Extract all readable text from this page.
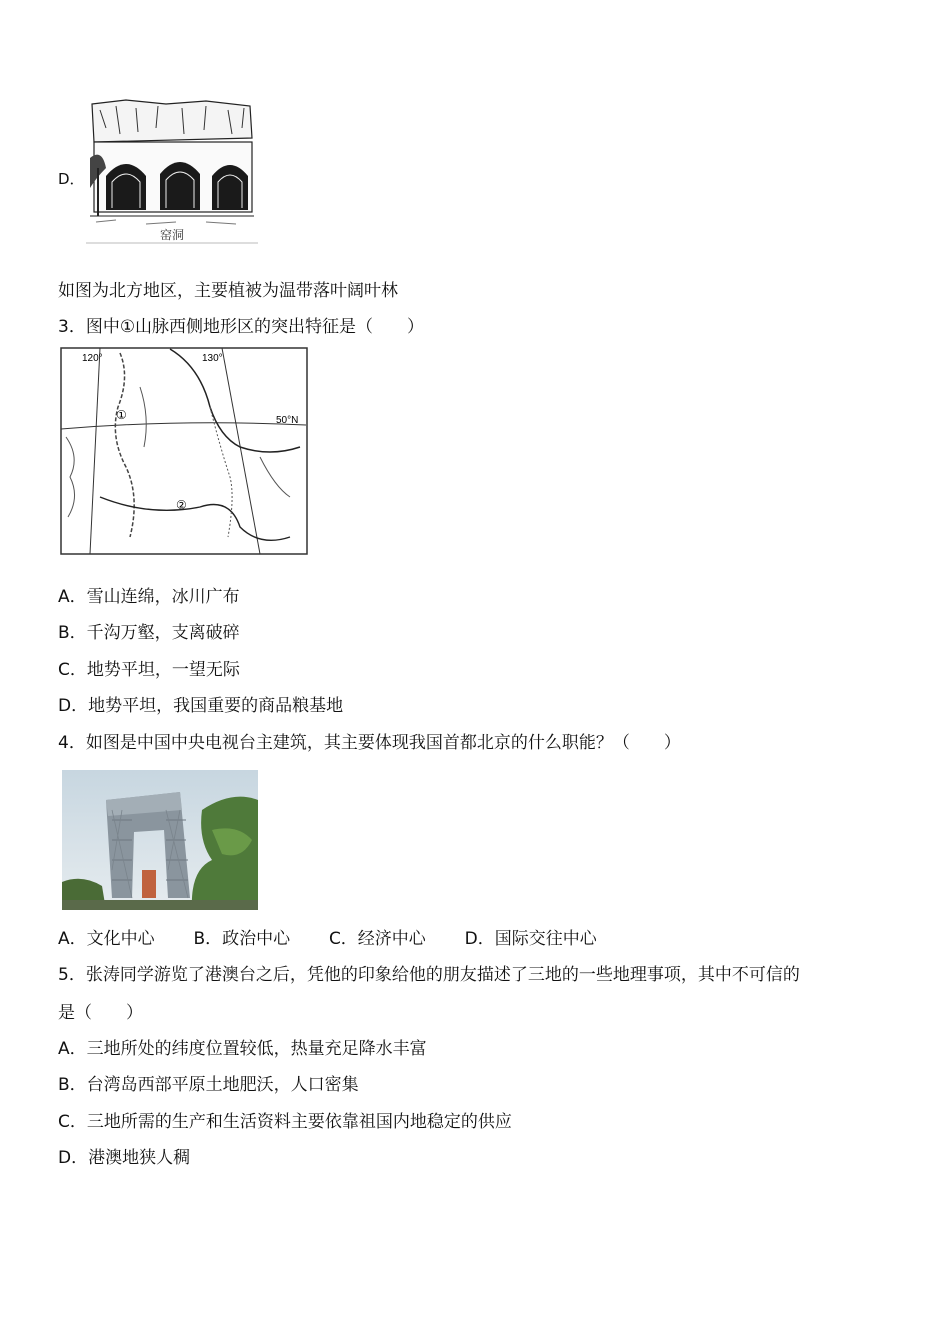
D．
窑洞
如图为北方地区，主要植被为温带落叶阔叶林
3．图中①山脉西侧地形区的突出特征是（　　）
120°	130°
50°N
①
②
A．雪山连绵，冰川广布
B．千沟万壑，支离破碎
C．地势平坦，一望无际
D．地势平坦，我国重要的商品粮基地
4．如图是中国中央电视台主建筑，其主要体现我国首都北京的什么职能？（　　）
A．文化中心 B．政治中心 C．经济中心 D．国际交往中心
5．张涛同学游览了港澳台之后，凭他的印象给他的朋友描述了三地的一些地理事项，其中不可信的
是（　　）
A．三地所处的纬度位置较低，热量充足降水丰富
B．台湾岛西部平原土地肥沃，人口密集
C．三地所需的生产和生活资料主要依靠祖国内地稳定的供应
D．港澳地狭人稠
